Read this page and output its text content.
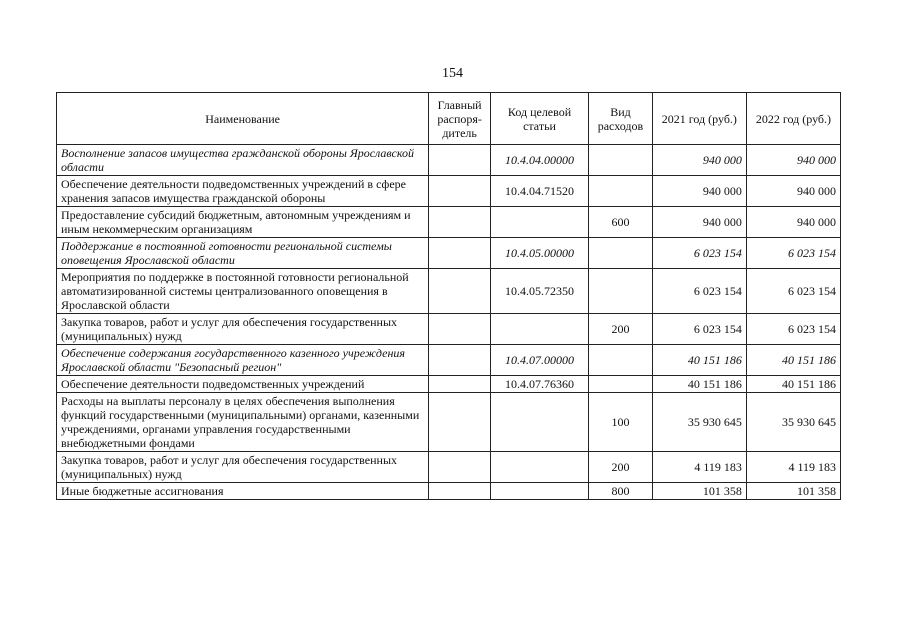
154
Наименование	Главный распоря-дитель	Код целевой статьи	Вид расходов	2021 год (руб.)	2022 год (руб.)
Восполнение запасов имущества гражданской обороны Ярославской области		10.4.04.00000		940 000	940 000
Обеспечение деятельности подведомственных учреждений в сфере хранения запасов имущества гражданской обороны		10.4.04.71520		940 000	940 000
Предоставление субсидий бюджетным, автономным учреждениям и иным некоммерческим организациям			600	940 000	940 000
Поддержание в постоянной готовности региональной системы оповещения Ярославской области		10.4.05.00000		6 023 154	6 023 154
Мероприятия по поддержке в постоянной готовности региональной автоматизированной системы централизованного оповещения в Ярославской области		10.4.05.72350		6 023 154	6 023 154
Закупка товаров, работ и услуг для обеспечения государственных (муниципальных) нужд			200	6 023 154	6 023 154
Обеспечение содержания государственного казенного учреждения Ярославской области "Безопасный регион"		10.4.07.00000		40 151 186	40 151 186
Обеспечение деятельности подведомственных учреждений		10.4.07.76360		40 151 186	40 151 186
Расходы на выплаты персоналу в целях обеспечения выполнения функций государственными (муниципальными) органами, казенными учреждениями, органами управления государственными внебюджетными фондами			100	35 930 645	35 930 645
Закупка товаров, работ и услуг для обеспечения государственных (муниципальных) нужд			200	4 119 183	4 119 183
Иные бюджетные ассигнования			800	101 358	101 358
